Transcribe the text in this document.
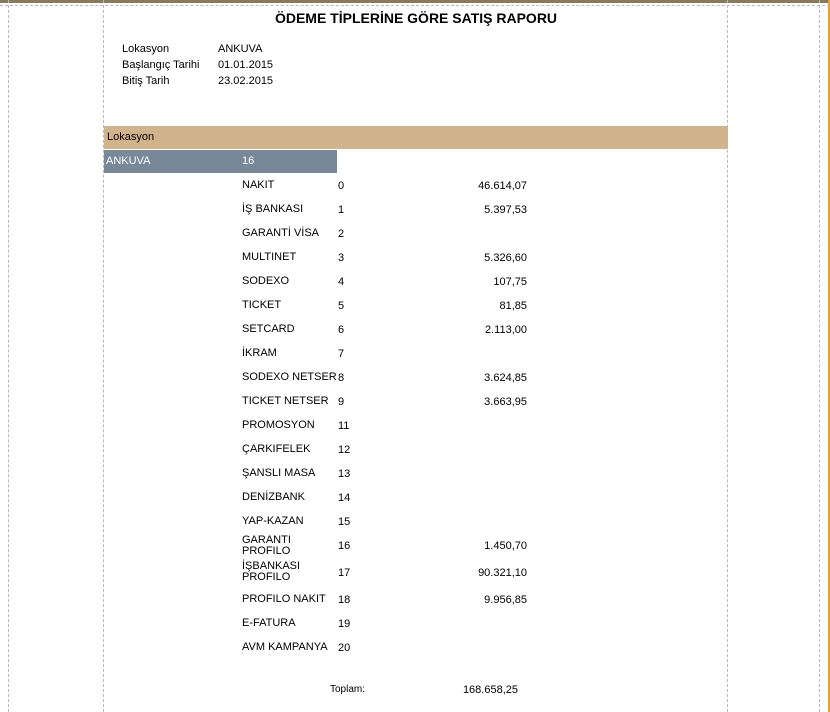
ÖDEME TİPLERİNE GÖRE SATIŞ RAPORU
Lokasyon	ANKUVA
Başlangıç Tarihi 01.01.2015
Bitiş Tarih	23.02.2015
Lokasyon
ANKUVA	16
NAKIT	0	46.614,07
İŞ BANKASI	1	5.397,53
GARANTİ VİSA	2
MULTINET	3	5.326,60
SODEXO	4	107,75
TICKET	5	81,85
SETCARD	6	2.113,00
İKRAM	7
SODEXO NETSER 8	3.624,85
TICKET NETSER 9	3.663,95
PROMOSYON	11
ÇARKIFELEK	12
ŞANSLI MASA	13
DENİZBANK	14
YAP-KAZAN	15
GARANTI PROFILO	16	1.450,70
İŞBANKASI PROFILO	17	90.321,10
PROFILO NAKIT	18	9.956,85
E-FATURA	19
AVM KAMPANYA 20
Toplam:	168.658,25
